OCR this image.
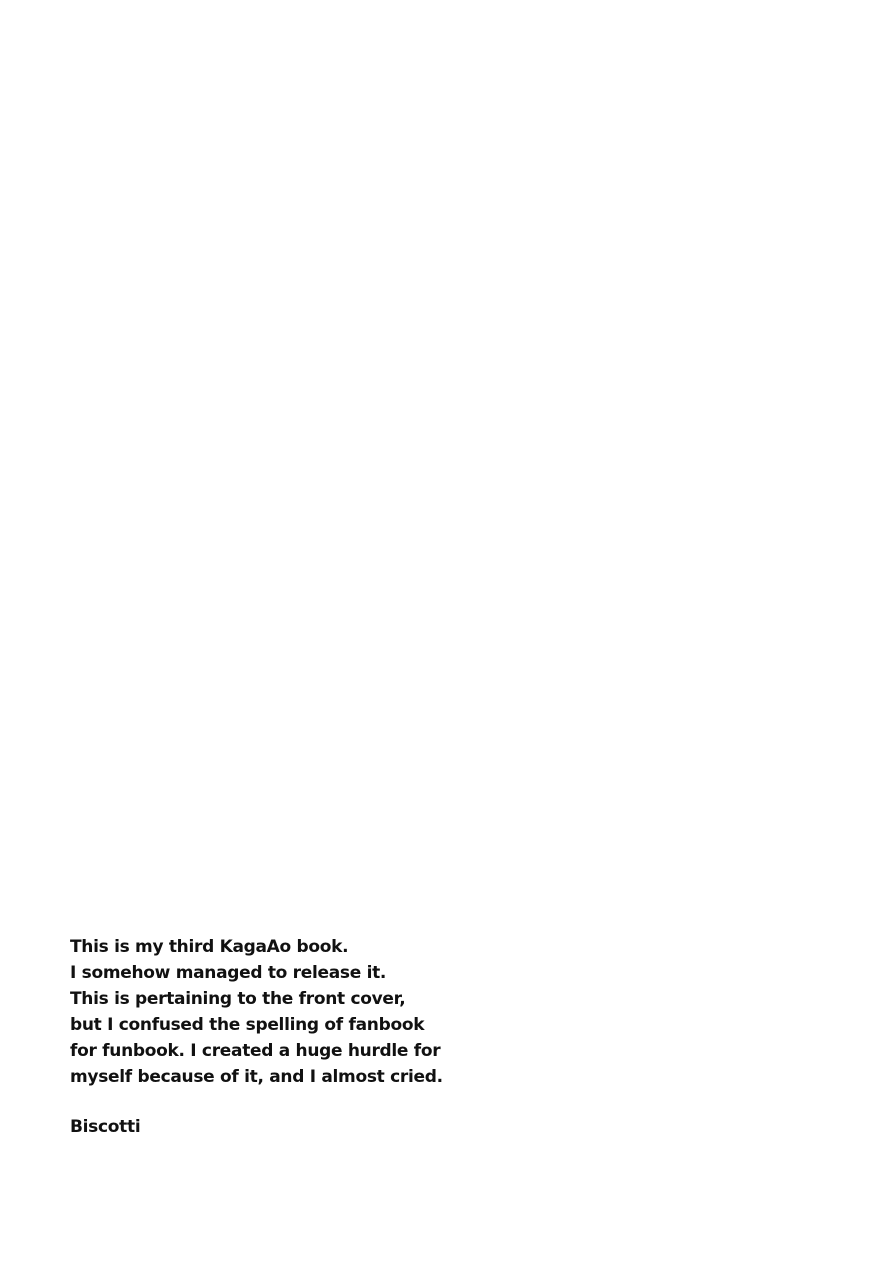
This is my third KagaAo book.
I somehow managed to release it.
This is pertaining to the front cover,
but I confused the spelling of fanbook
for funbook. I created a huge hurdle for
myself because of it, and I almost cried.
Biscotti
